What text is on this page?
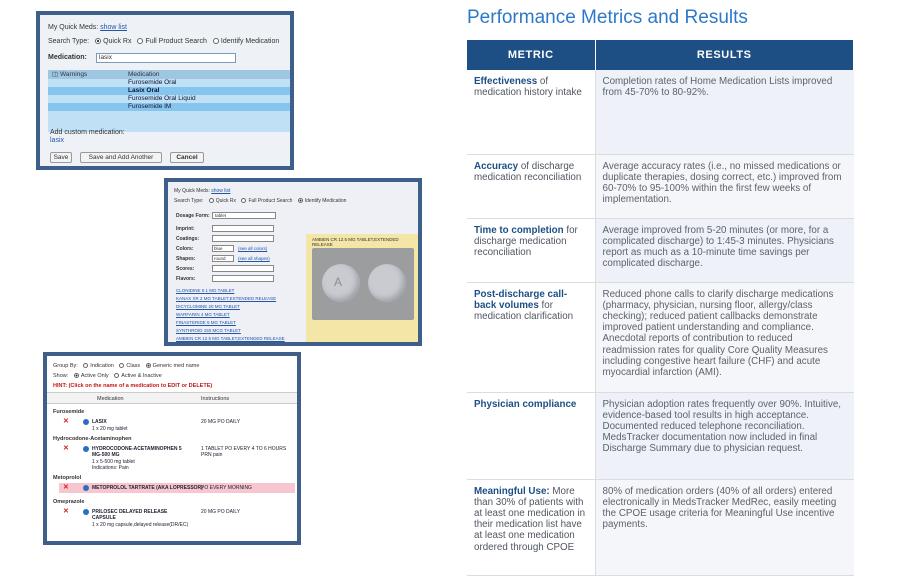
My Quick Meds: show list
Search Type: Quick Rx Full Product Search Identify Medication
Medication:	lasix
◫ Warnings	Medication
Furosemide Oral
Lasix Oral
Furosemide Oral Liquid
Furosemide IM
Add custom medication:
lasix
Save	Save and Add Another	Cancel
My Quick Meds: show list
Search Type: Quick Rx Full Product Search Identify Medication
Dosage Form:	tablet
Imprint:
Coatings:
Colors:	blue	(see all colors)
Shapes:	round	(see all shapes)
Scores:
Flavors:
CLONIDINE 0.1 MG TABLET
KANAX XR 2 MG TABLET,EXTENDED RELEASE
DICYCLOMINE 20 MG TABLET
WARFARIN 4 MG TABLET
FINASTERIDE 5 MG TABLET
SYNTHROID 150 MCG TABLET
AMBIEN CR 12.5 MG TABLET,EXTENDED RELEASE
AMBIEN CR 12.5 MG TABLET,EXTENDED RELEASE
A
Group By: Indication Class Generic med name
Show: Active Only Active & Inactive
HINT: (Click on the name of a medication to EDIT or DELETE)
Medication	Instructions
Furosemide
✕	LASIX
1 x 20 mg tablet
20 MG PO DAILY
Hydrocodone-Acetaminophen
✕	HYDROCODONE-ACETAMINOPHEN 5 MG-500 MG
1 x 5-500 mg tablet
Indications: Pain
1 TABLET PO EVERY 4 TO 6 HOURS PRN pain
Metoprolol
✕	METOPROLOL TARTRATE (AKA LOPRESSOR)
PO EVERY MORNING
Omeprazole
✕	PRILOSEC DELAYED RELEASE CAPSULE
1 x 20 mg capsule,delayed release(DR/EC)
20 MG PO DAILY
Performance Metrics and Results
METRIC	RESULTS
Effectiveness of medication history intake	Completion rates of Home Medication Lists improved from 45-70% to 80-92%.
Accuracy of discharge medication reconciliation	Average accuracy rates (i.e., no missed medications or duplicate therapies, dosing correct, etc.) improved from 60-70% to 95-100% within the first few weeks of implementation.
Time to completion for discharge medication reconciliation	Average improved from 5-20 minutes (or more, for a complicated discharge) to 1:45-3 minutes. Physicians report as much as a 10-minute time savings per complicated discharge.
Post-discharge call-back volumes for medication clarification	Reduced phone calls to clarify discharge medications (pharmacy, physician, nursing floor, allergy/class checking); reduced patient callbacks demonstrate improved patient understanding and compliance. Anecdotal reports of contribution to reduced readmission rates for quality Core Quality Measures including congestive heart failure (CHF) and acute myocardial infarction (AMI).
Physician compliance	Physician adoption rates frequently over 90%. Intuitive, evidence-based tool results in high acceptance. Documented reduced telephone reconciliation. MedsTracker documentation now included in final Discharge Summary due to physician request.
Meaningful Use: More than 30% of patients with at least one medication in their medication list have at least one medication ordered through CPOE	80% of medication orders (40% of all orders) entered electronically in MedsTracker MedRec, easily meeting the CPOE usage criteria for Meaningful Use incentive payments.
